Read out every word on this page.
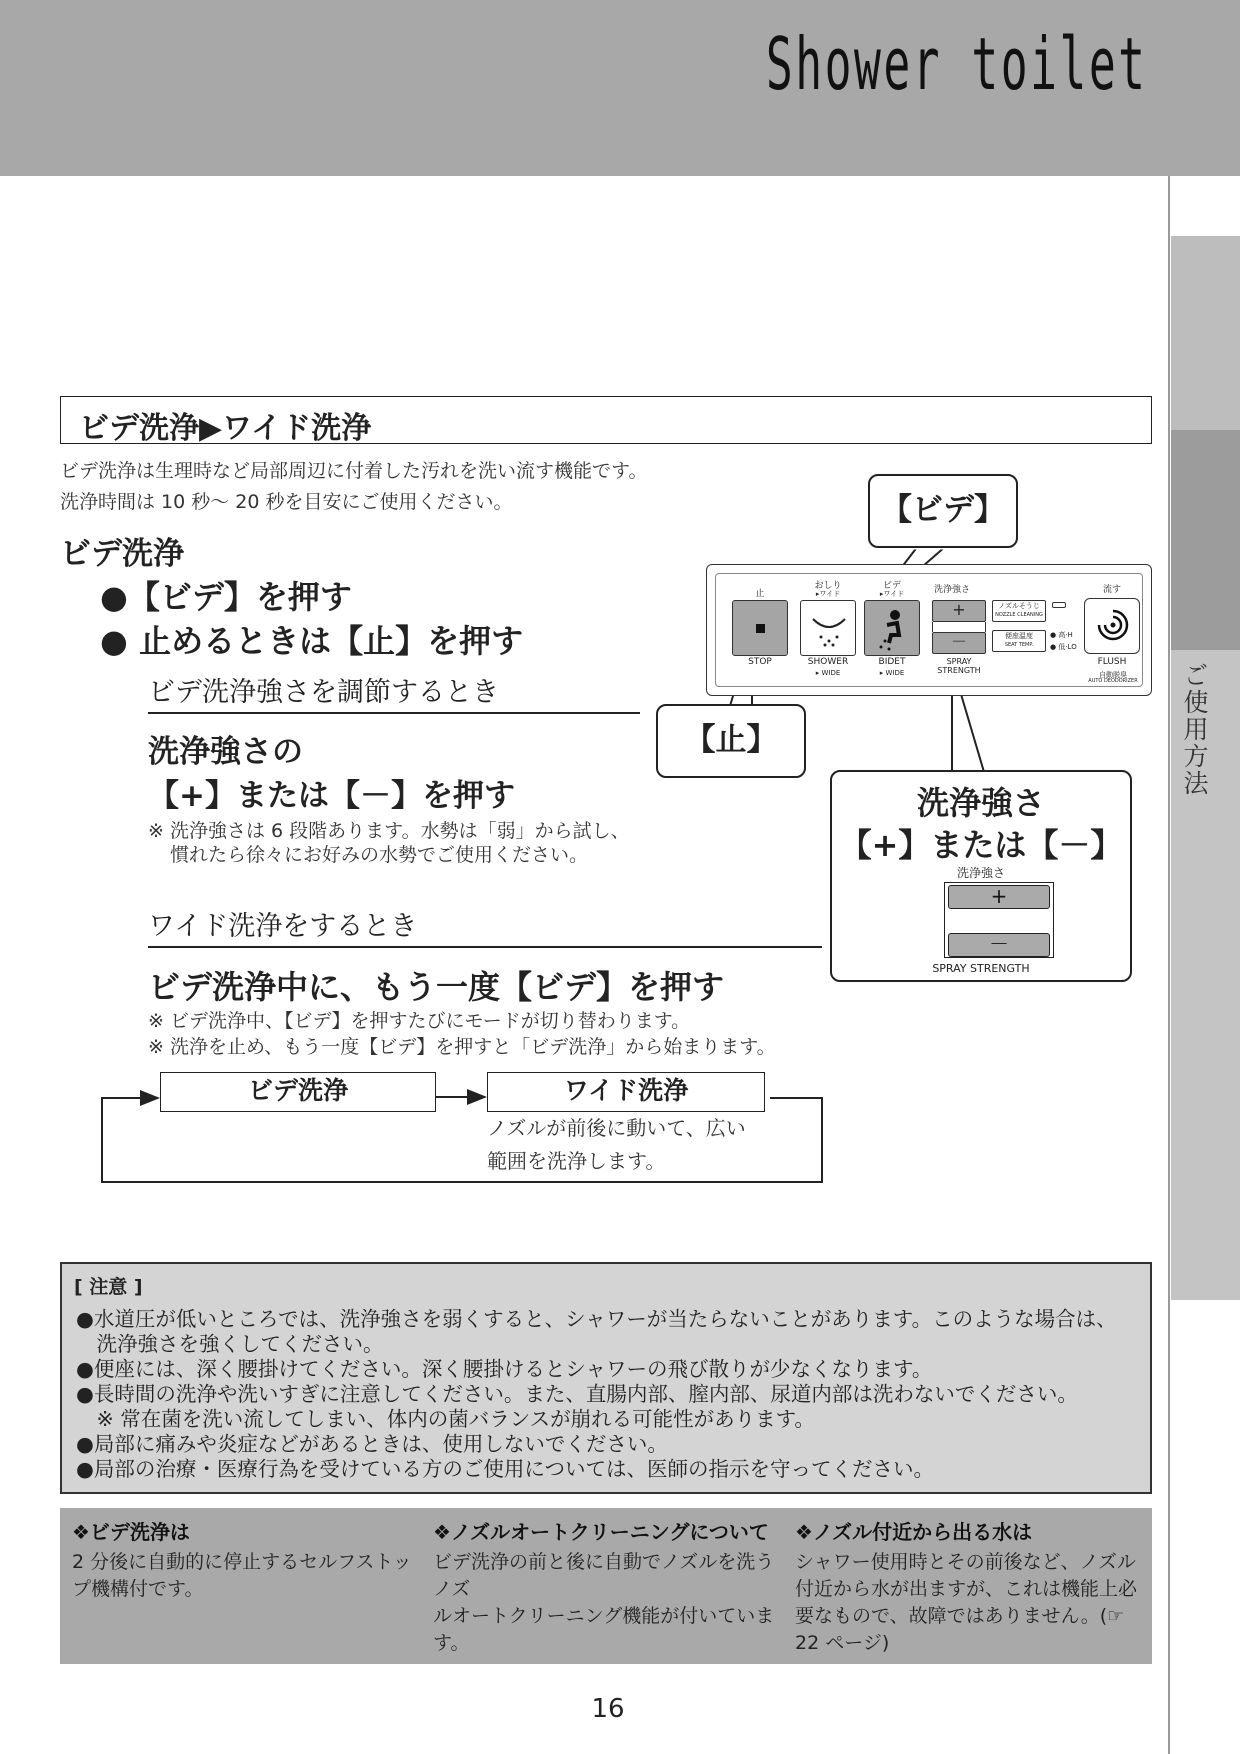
Shower toilet
ご使用方法
ビデ洗浄▶ワイド洗浄
ビデ洗浄は生理時など局部周辺に付着した汚れを洗い流す機能です。
洗浄時間は 10 秒～ 20 秒を目安にご使用ください。
ビデ洗浄
●【ビデ】を押す
● 止めるときは【止】を押す
ビデ洗浄強さを調節するとき
洗浄強さの
【+】または【－】を押す
※ 洗浄強さは 6 段階あります。水勢は「弱」から試し、
慣れたら徐々にお好みの水勢でご使用ください。
ワイド洗浄をするとき
ビデ洗浄中に、もう一度【ビデ】を押す
※ ビデ洗浄中、【ビデ】を押すたびにモードが切り替わります。
※ 洗浄を止め、もう一度【ビデ】を押すと「ビデ洗浄」から始まります。
ビデ洗浄	ワイド洗浄
ノズルが前後に動いて、広い
範囲を洗浄します。
止
おしり
▸ワイド
ビデ
▸ワイド	洗浄強さ	流す
+
－
ノズルそうじ
NOZZLE CLEANING
便座温度
SEAT TEMP.
● 高·H
● 低·LO
STOP	SHOWER
▸ WIDE
BIDET
▸ WIDE
SPRAY STRENGTH
FLUSH
自動脱臭
AUTO DEODORIZER
【ビデ】
【止】
洗浄強さ
【+】または【－】
洗浄強さ
+
－
SPRAY STRENGTH
[ 注意 ]
●水道圧が低いところでは、洗浄強さを弱くすると、シャワーが当たらないことがあります。このような場合は、
　洗浄強さを強くしてください。
●便座には、深く腰掛けてください。深く腰掛けるとシャワーの飛び散りが少なくなります。
●長時間の洗浄や洗いすぎに注意してください。また、直腸内部、膣内部、尿道内部は洗わないでください。
　※ 常在菌を洗い流してしまい、体内の菌バランスが崩れる可能性があります。
●局部に痛みや炎症などがあるときは、使用しないでください。
●局部の治療・医療行為を受けている方のご使用については、医師の指示を守ってください。
❖ビデ洗浄は
2 分後に自動的に停止するセルフストッ
プ機構付です。
❖ノズルオートクリーニングについて
ビデ洗浄の前と後に自動でノズルを洗うノズ
ルオートクリーニング機能が付いています。
❖ノズル付近から出る水は
シャワー使用時とその前後など、ノズル
付近から水が出ますが、これは機能上必
要なもので、故障ではありません。(☞
22 ページ)
16
